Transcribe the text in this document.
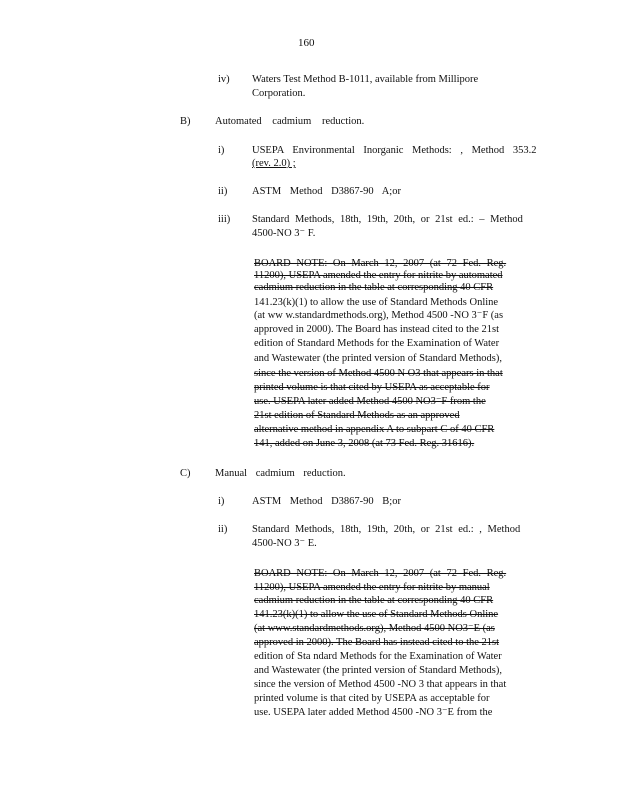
160
iv) Waters Test Method B-1011, available from Millipore
Corporation.
B) Automated cadmium reduction.
i)	USEPA Environmental Inorganic Methods: , Method 353.2
(rev. 2.0) ;
ii) ASTM Method D3867-90 A;or
iii) Standard Methods, 18th, 19th, 20th, or 21st ed.: – Method
4500-NO 3⁻ F.
BOARD NOTE: On March 12, 2007 (at 72 Fed. Reg.
11200), USEPA amended the entry for nitrite by automated
cadmium reduction in the table at corresponding 40 CFR
141.23(k)(1) to allow the use of Standard Methods Online
(at ww w.standardmethods.org), Method 4500 -NO 3⁻F (as
approved in 2000). The Board has instead cited to the 21st
edition of Standard Methods for the Examination of Water
and Wastewater (the printed version of Standard Methods),
since the version of Method 4500 N O3 that appears in that
printed volume is that cited by USEPA as acceptable for
use. USEPA later added Method 4500 NO3⁻F from the
21st edition of Standard Methods as an approved
alternative method in appendix A to subpart C of 40 CFR
141, added on June 3, 2008 (at 73 Fed. Reg. 31616).
C) Manual cadmium reduction.
i)	ASTM Method D3867-90 B;or
ii) Standard Methods, 18th, 19th, 20th, or 21st ed.: , Method
4500-NO 3⁻ E.
BOARD NOTE: On March 12, 2007 (at 72 Fed. Reg.
11200), USEPA amended the entry for nitrite by manual
cadmium reduction in the table at corresponding 40 CFR
141.23(k)(1) to allow the use of Standard Methods Online
(at www.standardmethods.org), Method 4500 NO3⁻E (as
approved in 2000). The Board has instead cited to the 21st
edition of Sta ndard Methods for the Examination of Water
and Wastewater (the printed version of Standard Methods),
since the version of Method 4500 -NO 3 that appears in that
printed volume is that cited by USEPA as acceptable for
use. USEPA later added Method 4500 -NO 3⁻E from the
